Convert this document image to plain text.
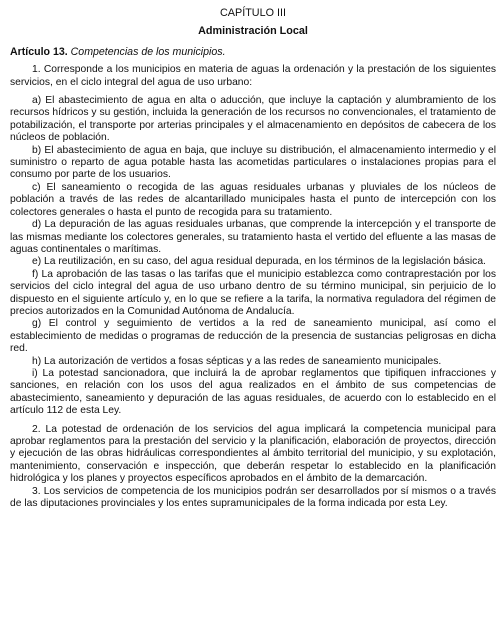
CAPÍTULO III
Administración Local
Artículo 13. Competencias de los municipios.

1. Corresponde a los municipios en materia de aguas la ordenación y la prestación de los siguientes servicios, en el ciclo integral del agua de uso urbano:

a) El abastecimiento de agua en alta o aducción, que incluye la captación y alumbramiento de los recursos hídricos y su gestión, incluida la generación de los recursos no convencionales, el tratamiento de potabilización, el transporte por arterias principales y el almacenamiento en depósitos de cabecera de los núcleos de población.

b) El abastecimiento de agua en baja, que incluye su distribución, el almacenamiento intermedio y el suministro o reparto de agua potable hasta las acometidas particulares o instalaciones propias para el consumo por parte de los usuarios.

c) El saneamiento o recogida de las aguas residuales urbanas y pluviales de los núcleos de población a través de las redes de alcantarillado municipales hasta el punto de intercepción con los colectores generales o hasta el punto de recogida para su tratamiento.

d) La depuración de las aguas residuales urbanas, que comprende la intercepción y el transporte de las mismas mediante los colectores generales, su tratamiento hasta el vertido del efluente a las masas de aguas continentales o marítimas.

e) La reutilización, en su caso, del agua residual depurada, en los términos de la legislación básica.

f) La aprobación de las tasas o las tarifas que el municipio establezca como contraprestación por los servicios del ciclo integral del agua de uso urbano dentro de su término municipal, sin perjuicio de lo dispuesto en el siguiente artículo y, en lo que se refiere a la tarifa, la normativa reguladora del régimen de precios autorizados en la Comunidad Autónoma de Andalucía.

g) El control y seguimiento de vertidos a la red de saneamiento municipal, así como el establecimiento de medidas o programas de reducción de la presencia de sustancias peligrosas en dicha red.

h) La autorización de vertidos a fosas sépticas y a las redes de saneamiento municipales.

i) La potestad sancionadora, que incluirá la de aprobar reglamentos que tipifiquen infracciones y sanciones, en relación con los usos del agua realizados en el ámbito de sus competencias de abastecimiento, saneamiento y depuración de las aguas residuales, de acuerdo con lo establecido en el artículo 112 de esta Ley.

2. La potestad de ordenación de los servicios del agua implicará la competencia municipal para aprobar reglamentos para la prestación del servicio y la planificación, elaboración de proyectos, dirección y ejecución de las obras hidráulicas correspondientes al ámbito territorial del municipio, y su explotación, mantenimiento, conservación e inspección, que deberán respetar lo establecido en la planificación hidrológica y los planes y proyectos específicos aprobados en el ámbito de la demarcación.

3. Los servicios de competencia de los municipios podrán ser desarrollados por sí mismos o a través de las diputaciones provinciales y los entes supramunicipales de la forma indicada por esta Ley.
